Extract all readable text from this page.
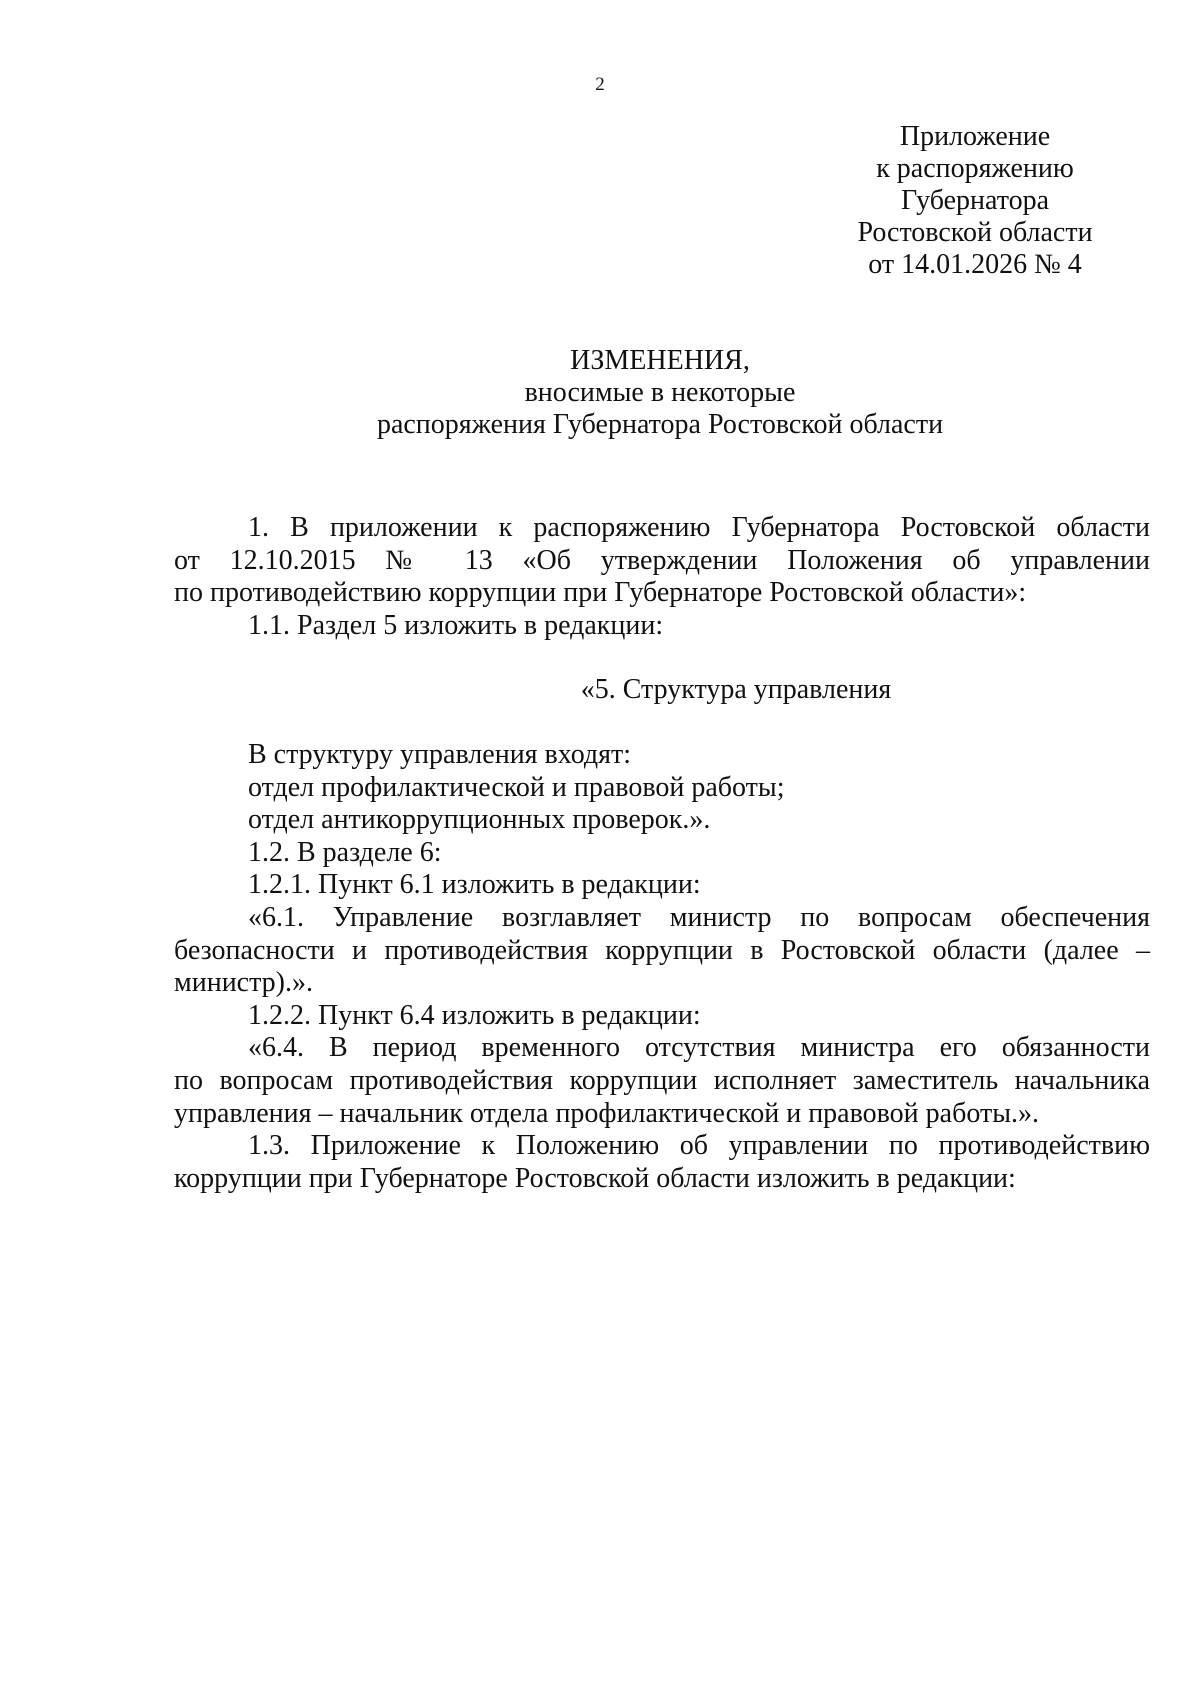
2
Приложение
к распоряжению
Губернатора
Ростовской области
от 14.01.2026 № 4
ИЗМЕНЕНИЯ,
вносимые в некоторые
распоряжения Губернатора Ростовской области
1. В приложении к распоряжению Губернатора Ростовской области
от 12.10.2015 № 13 «Об утверждении Положения об управлении
по противодействию коррупции при Губернаторе Ростовской области»:
1.1. Раздел 5 изложить в редакции:
«5. Структура управления
В структуру управления входят:
отдел профилактической и правовой работы;
отдел антикоррупционных проверок.».
1.2. В разделе 6:
1.2.1. Пункт 6.1 изложить в редакции:
«6.1. Управление возглавляет министр по вопросам обеспечения
безопасности и противодействия коррупции в Ростовской области (далее –
министр).».
1.2.2. Пункт 6.4 изложить в редакции:
«6.4. В период временного отсутствия министра его обязанности
по вопросам противодействия коррупции исполняет заместитель начальника
управления – начальник отдела профилактической и правовой работы.».
1.3. Приложение к Положению об управлении по противодействию
коррупции при Губернаторе Ростовской области изложить в редакции:
